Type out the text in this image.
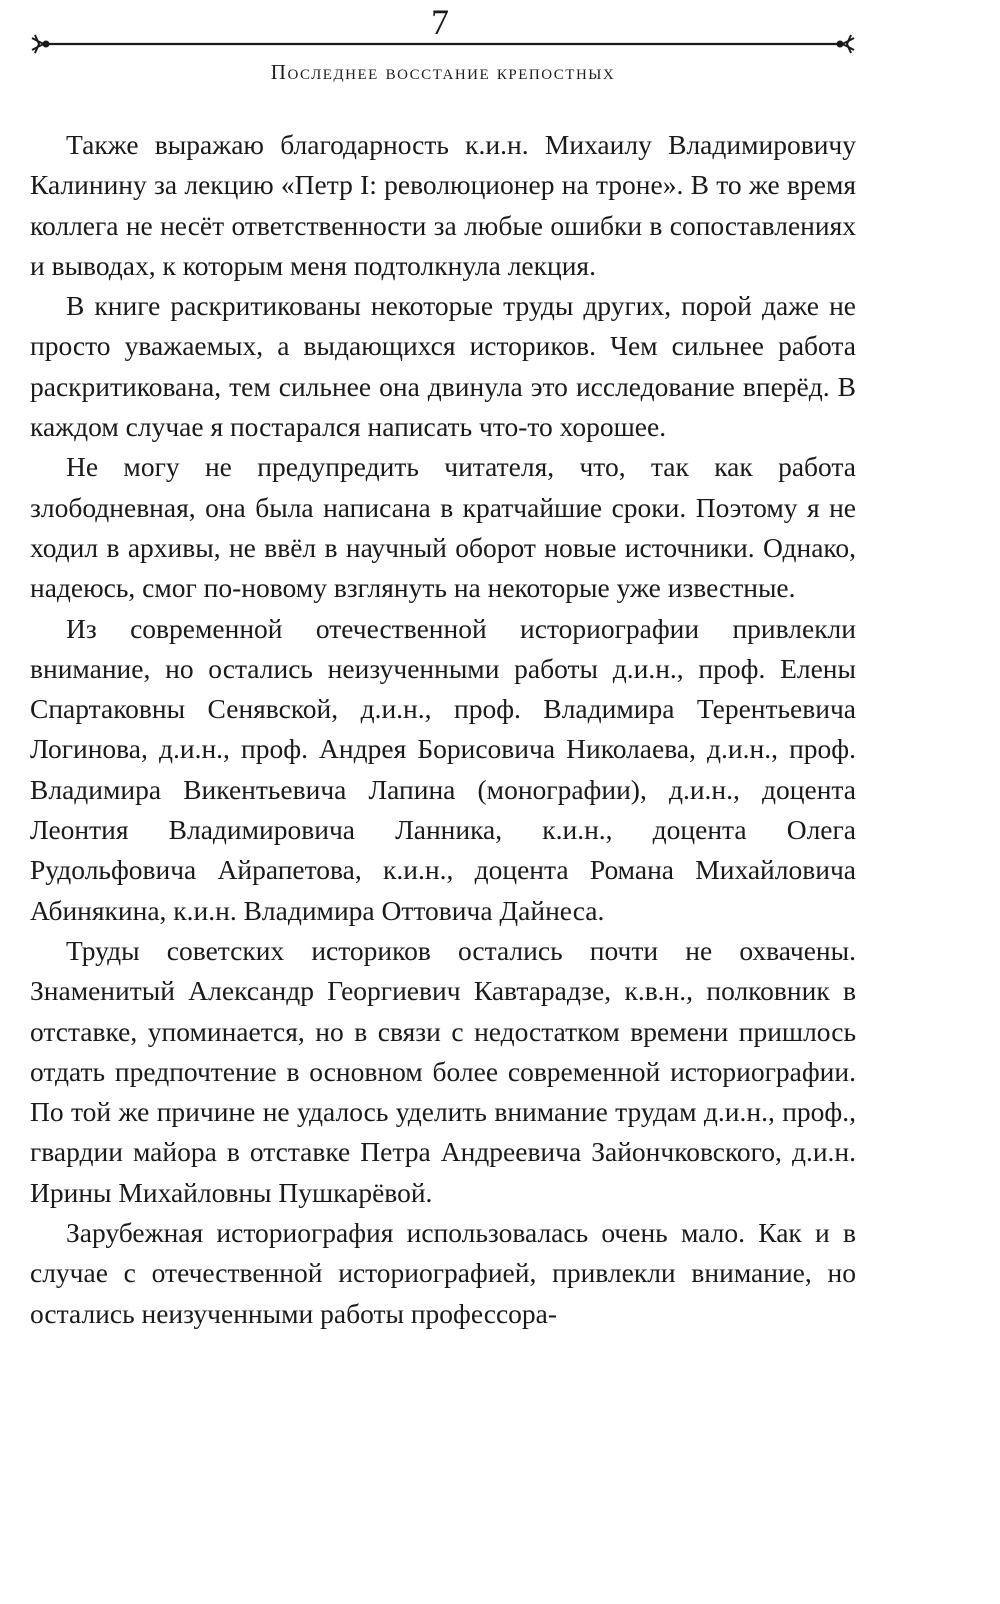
7
Последнее восстание крепостных

Также выражаю благодарность к.и.н. Михаилу Владимировичу Калинину за лекцию «Петр I: революционер на троне». В то же время коллега не несёт ответственности за любые ошибки в сопоставлениях и выводах, к которым меня подтолкнула лекция.

В книге раскритикованы некоторые труды других, порой даже не просто уважаемых, а выдающихся историков. Чем сильнее работа раскритикована, тем сильнее она двинула это исследование вперёд. В каждом случае я постарался написать что-то хорошее.

Не могу не предупредить читателя, что, так как работа злободневная, она была написана в кратчайшие сроки. Поэтому я не ходил в архивы, не ввёл в научный оборот новые источники. Однако, надеюсь, смог по-новому взглянуть на некоторые уже известные.

Из современной отечественной историографии привлекли внимание, но остались неизученными работы д.и.н., проф. Елены Спартаковны Сенявской, д.и.н., проф. Владимира Терентьевича Логинова, д.и.н., проф. Андрея Борисовича Николаева, д.и.н., проф. Владимира Викентьевича Лапина (монографии), д.и.н., доцента Леонтия Владимировича Ланника, к.и.н., доцента Олега Рудольфовича Айрапетова, к.и.н., доцента Романа Михайловича Абинякина, к.и.н. Владимира Оттовича Дайнеса.

Труды советских историков остались почти не охвачены. Знаменитый Александр Георгиевич Кавтарадзе, к.в.н., полковник в отставке, упоминается, но в связи с недостатком времени пришлось отдать предпочтение в основном более современной историографии. По той же причине не удалось уделить внимание трудам д.и.н., проф., гвардии майора в отставке Петра Андреевича Зайончковского, д.и.н. Ирины Михайловны Пушкарёвой.

Зарубежная историография использовалась очень мало. Как и в случае с отечественной историографией, привлекли внимание, но остались неизученными работы профессора-
